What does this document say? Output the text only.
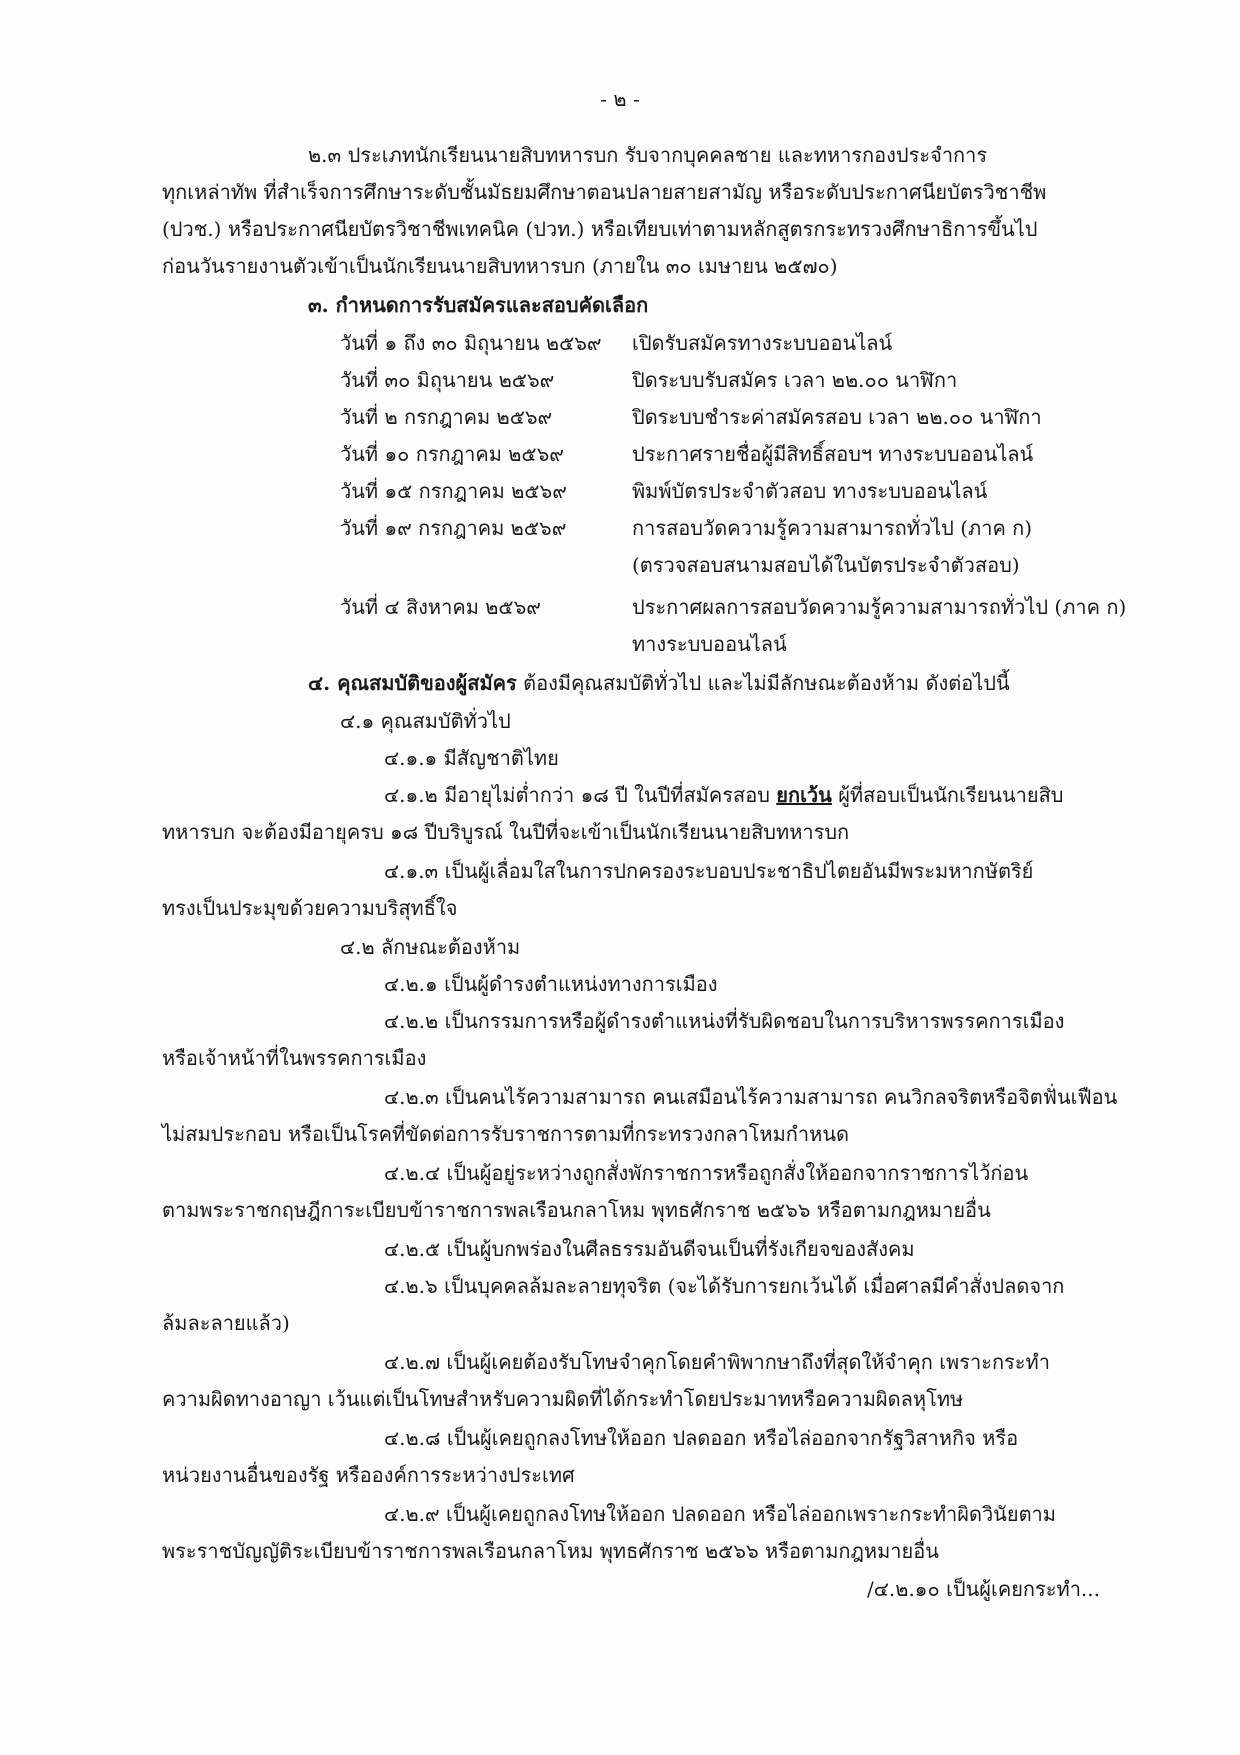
- ๒ -
๒.๓ ประเภทนักเรียนนายสิบทหารบก รับจากบุคคลชาย และทหารกองประจำการ
ทุกเหล่าทัพ ที่สำเร็จการศึกษาระดับชั้นมัธยมศึกษาตอนปลายสายสามัญ หรือระดับประกาศนียบัตรวิชาชีพ
(ปวช.) หรือประกาศนียบัตรวิชาชีพเทคนิค (ปวท.) หรือเทียบเท่าตามหลักสูตรกระทรวงศึกษาธิการขึ้นไป
ก่อนวันรายงานตัวเข้าเป็นนักเรียนนายสิบทหารบก (ภายใน ๓๐ เมษายน ๒๕๗๐)
๓. กำหนดการรับสมัครและสอบคัดเลือก
วันที่ ๑ ถึง ๓๐ มิถุนายน ๒๕๖๙ เปิดรับสมัครทางระบบออนไลน์
วันที่ ๓๐ มิถุนายน ๒๕๖๙	ปิดระบบรับสมัคร เวลา ๒๒.๐๐ นาฬิกา
วันที่ ๒ กรกฎาคม ๒๕๖๙	ปิดระบบชำระค่าสมัครสอบ เวลา ๒๒.๐๐ นาฬิกา
วันที่ ๑๐ กรกฎาคม ๒๕๖๙	ประกาศรายชื่อผู้มีสิทธิ์สอบฯ ทางระบบออนไลน์
วันที่ ๑๕ กรกฎาคม ๒๕๖๙	พิมพ์บัตรประจำตัวสอบ ทางระบบออนไลน์
วันที่ ๑๙ กรกฎาคม ๒๕๖๙	การสอบวัดความรู้ความสามารถทั่วไป (ภาค ก)
(ตรวจสอบสนามสอบได้ในบัตรประจำตัวสอบ)
วันที่ ๔ สิงหาคม ๒๕๖๙	ประกาศผลการสอบวัดความรู้ความสามารถทั่วไป (ภาค ก)
ทางระบบออนไลน์
๔. คุณสมบัติของผู้สมัคร ต้องมีคุณสมบัติทั่วไป และไม่มีลักษณะต้องห้าม ดังต่อไปนี้
๔.๑ คุณสมบัติทั่วไป
๔.๑.๑ มีสัญชาติไทย
๔.๑.๒ มีอายุไม่ต่ำกว่า ๑๘ ปี ในปีที่สมัครสอบ ยกเว้น ผู้ที่สอบเป็นนักเรียนนายสิบ
ทหารบก จะต้องมีอายุครบ ๑๘ ปีบริบูรณ์ ในปีที่จะเข้าเป็นนักเรียนนายสิบทหารบก
๔.๑.๓ เป็นผู้เลื่อมใสในการปกครองระบอบประชาธิปไตยอันมีพระมหากษัตริย์
ทรงเป็นประมุขด้วยความบริสุทธิ์ใจ
๔.๒ ลักษณะต้องห้าม
๔.๒.๑ เป็นผู้ดำรงตำแหน่งทางการเมือง
๔.๒.๒ เป็นกรรมการหรือผู้ดำรงตำแหน่งที่รับผิดชอบในการบริหารพรรคการเมือง
หรือเจ้าหน้าที่ในพรรคการเมือง
๔.๒.๓ เป็นคนไร้ความสามารถ คนเสมือนไร้ความสามารถ คนวิกลจริตหรือจิตฟั่นเฟือน
ไม่สมประกอบ หรือเป็นโรคที่ขัดต่อการรับราชการตามที่กระทรวงกลาโหมกำหนด
๔.๒.๔ เป็นผู้อยู่ระหว่างถูกสั่งพักราชการหรือถูกสั่งให้ออกจากราชการไว้ก่อน
ตามพระราชกฤษฎีการะเบียบข้าราชการพลเรือนกลาโหม พุทธศักราช ๒๕๖๖ หรือตามกฎหมายอื่น
๔.๒.๕ เป็นผู้บกพร่องในศีลธรรมอันดีจนเป็นที่รังเกียจของสังคม
๔.๒.๖ เป็นบุคคลล้มละลายทุจริต (จะได้รับการยกเว้นได้ เมื่อศาลมีคำสั่งปลดจาก
ล้มละลายแล้ว)
๔.๒.๗ เป็นผู้เคยต้องรับโทษจำคุกโดยคำพิพากษาถึงที่สุดให้จำคุก เพราะกระทำ
ความผิดทางอาญา เว้นแต่เป็นโทษสำหรับความผิดที่ได้กระทำโดยประมาทหรือความผิดลหุโทษ
๔.๒.๘ เป็นผู้เคยถูกลงโทษให้ออก ปลดออก หรือไล่ออกจากรัฐวิสาหกิจ หรือ
หน่วยงานอื่นของรัฐ หรือองค์การระหว่างประเทศ
๔.๒.๙ เป็นผู้เคยถูกลงโทษให้ออก ปลดออก หรือไล่ออกเพราะกระทำผิดวินัยตาม
พระราชบัญญัติระเบียบข้าราชการพลเรือนกลาโหม พุทธศักราช ๒๕๖๖ หรือตามกฎหมายอื่น
/๔.๒.๑๐ เป็นผู้เคยกระทำ...
